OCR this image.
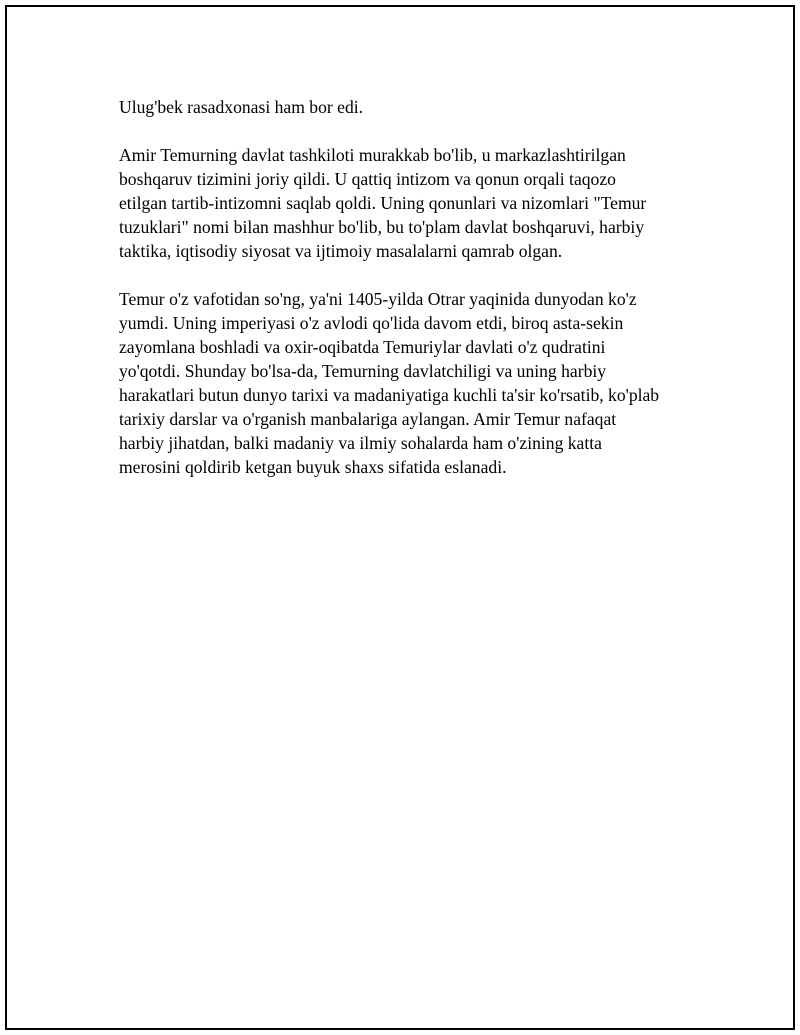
Ulug'bek rasadxonasi ham bor edi.

Amir Temurning davlat tashkiloti murakkab bo'lib, u markazlashtirilgan
boshqaruv tizimini joriy qildi. U qattiq intizom va qonun orqali taqozo
etilgan tartib-intizomni saqlab qoldi. Uning qonunlari va nizomlari "Temur
tuzuklari" nomi bilan mashhur bo'lib, bu to'plam davlat boshqaruvi, harbiy
taktika, iqtisodiy siyosat va ijtimoiy masalalarni qamrab olgan.

Temur o'z vafotidan so'ng, ya'ni 1405-yilda Otrar yaqinida dunyodan ko'z
yumdi. Uning imperiyasi o'z avlodi qo'lida davom etdi, biroq asta-sekin
zayomlana boshladi va oxir-oqibatda Temuriylar davlati o'z qudratini
yo'qotdi. Shunday bo'lsa-da, Temurning davlatchiligi va uning harbiy
harakatlari butun dunyo tarixi va madaniyatiga kuchli ta'sir ko'rsatib, ko'plab
tarixiy darslar va o'rganish manbalariga aylangan. Amir Temur nafaqat
harbiy jihatdan, balki madaniy va ilmiy sohalarda ham o'zining katta
merosini qoldirib ketgan buyuk shaxs sifatida eslanadi.
